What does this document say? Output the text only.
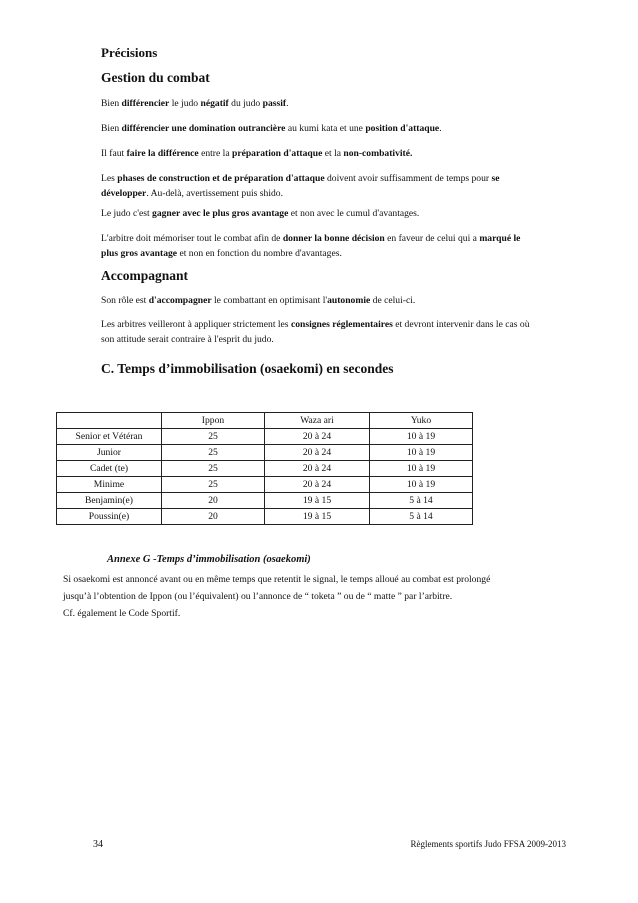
Précisions
Gestion du combat
Bien différencier le judo négatif du judo passif.
Bien différencier une domination outrancière au kumi kata et une position d'attaque.
Il faut faire la différence entre la préparation d'attaque et la non-combativité.
Les phases de construction et de préparation d'attaque doivent avoir suffisamment de temps pour se développer. Au-delà, avertissement puis shido.
Le judo c'est gagner avec le plus gros avantage et non avec le cumul d'avantages.
L'arbitre doit mémoriser tout le combat afin de donner la bonne décision en faveur de celui qui a marqué le plus gros avantage et non en fonction du nombre d'avantages.
Accompagnant
Son rôle est d'accompagner le combattant en optimisant l'autonomie de celui-ci.
Les arbitres veilleront à appliquer strictement les consignes réglementaires et devront intervenir dans le cas où son attitude serait contraire à l'esprit du judo.
C. Temps d’immobilisation (osaekomi) en secondes
	Ippon	Waza ari	Yuko
Senior et Vétéran	25	20 à 24	10 à 19
Junior	25	20 à 24	10 à 19
Cadet (te)	25	20 à 24	10 à 19
Minime	25	20 à 24	10 à 19
Benjamin(e)	20	19 à 15	5 à 14
Poussin(e)	20	19 à 15	5 à 14
Annexe G -Temps d’immobilisation (osaekomi)
Si osaekomi est annoncé avant ou en même temps que retentit le signal, le temps alloué au combat est prolongé
jusqu’à l’obtention de Ippon (ou l’équivalent) ou l’annonce de “ toketa ” ou de “ matte ” par l’arbitre.
Cf. également le Code Sportif.
34	Règlements sportifs Judo FFSA 2009-2013
